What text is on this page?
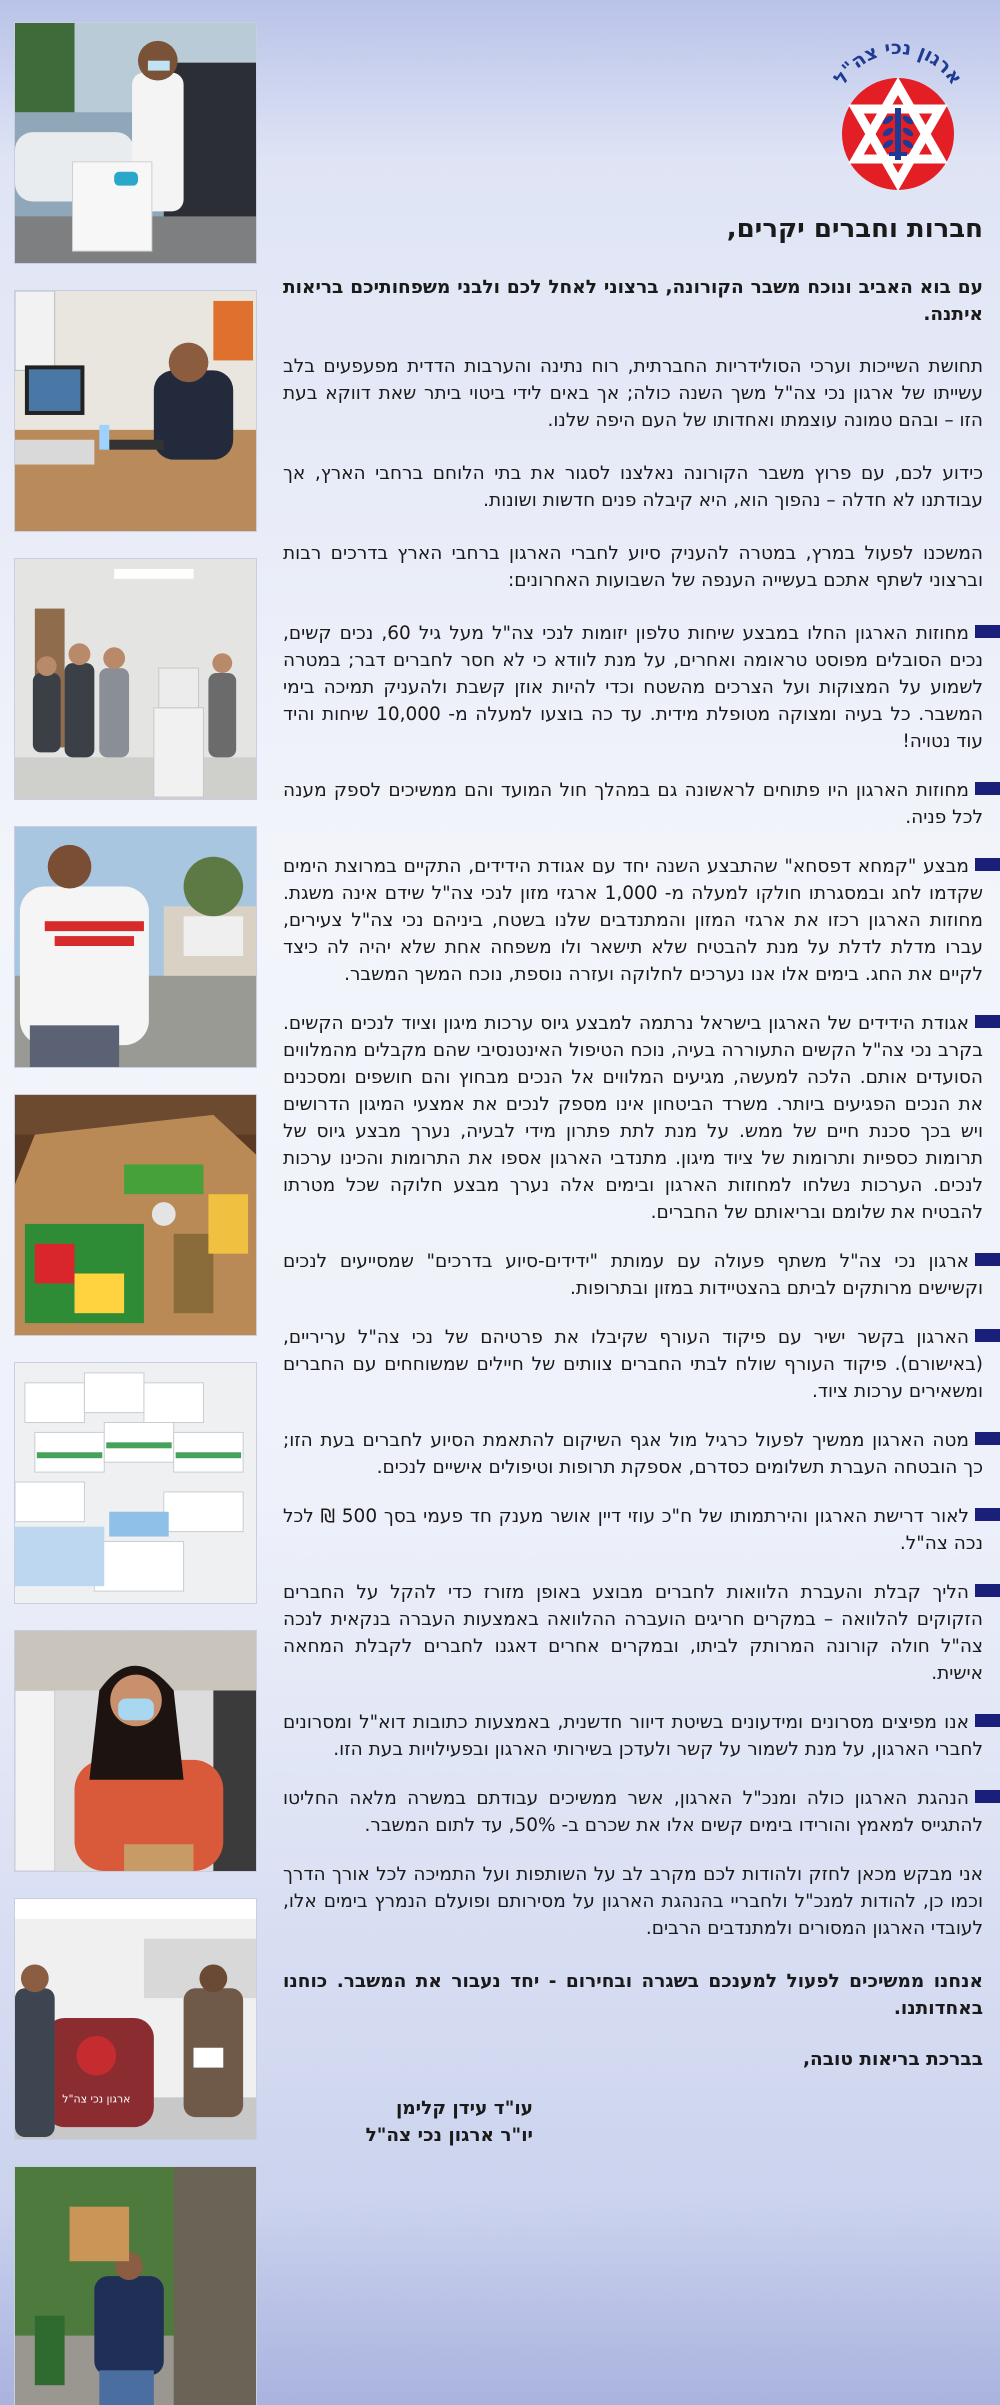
ארגון נכי צה"ל
ארגון נכי צה"ל
חברות וחברים יקרים,
עם בוא האביב ונוכח משבר הקורונה, ברצוני לאחל לכם ולבני משפחותיכם בריאות איתנה.
תחושת השייכות וערכי הסולידריות החברתית, רוח נתינה והערבות הדדית מפעפעים בלב עשייתו של ארגון נכי צה"ל משך השנה כולה; אך באים לידי ביטוי ביתר שאת דווקא בעת הזו – ובהם טמונה עוצמתו ואחדותו של העם היפה שלנו.
כידוע לכם, עם פרוץ משבר הקורונה נאלצנו לסגור את בתי הלוחם ברחבי הארץ, אך עבודתנו לא חדלה – נהפוך הוא, היא קיבלה פנים חדשות ושונות.
המשכנו לפעול במרץ, במטרה להעניק סיוע לחברי הארגון ברחבי הארץ בדרכים רבות וברצוני לשתף אתכם בעשייה הענפה של השבועות האחרונים:
מחוזות הארגון החלו במבצע שיחות טלפון יזומות לנכי צה"ל מעל גיל 60, נכים קשים, נכים הסובלים מפוסט טראומה ואחרים, על מנת לוודא כי לא חסר לחברים דבר; במטרה לשמוע על המצוקות ועל הצרכים מהשטח וכדי להיות אוזן קשבת ולהעניק תמיכה בימי המשבר. כל בעיה ומצוקה מטופלת מידית. עד כה בוצעו למעלה מ- 10,000 שיחות והיד עוד נטויה!
מחוזות הארגון היו פתוחים לראשונה גם במהלך חול המועד והם ממשיכים לספק מענה לכל פניה.
מבצע "קמחא דפסחא" שהתבצע השנה יחד עם אגודת הידידים, התקיים במרוצת הימים שקדמו לחג ובמסגרתו חולקו למעלה מ- 1,000 ארגזי מזון לנכי צה"ל שידם אינה משגת. מחוזות הארגון רכזו את ארגזי המזון והמתנדבים שלנו בשטח, ביניהם נכי צה"ל צעירים, עברו מדלת לדלת על מנת להבטיח שלא תישאר ולו משפחה אחת שלא יהיה לה כיצד לקיים את החג. בימים אלו אנו נערכים לחלוקה ועזרה נוספת, נוכח המשך המשבר.
אגודת הידידים של הארגון בישראל נרתמה למבצע גיוס ערכות מיגון וציוד לנכים הקשים. בקרב נכי צה"ל הקשים התעוררה בעיה, נוכח הטיפול האינטנסיבי שהם מקבלים מהמלווים הסועדים אותם. הלכה למעשה, מגיעים המלווים אל הנכים מבחוץ והם חושפים ומסכנים את הנכים הפגיעים ביותר. משרד הביטחון אינו מספק לנכים את אמצעי המיגון הדרושים ויש בכך סכנת חיים של ממש. על מנת לתת פתרון מידי לבעיה, נערך מבצע גיוס של תרומות כספיות ותרומות של ציוד מיגון. מתנדבי הארגון אספו את התרומות והכינו ערכות לנכים. הערכות נשלחו למחוזות הארגון ובימים אלה נערך מבצע חלוקה שכל מטרתו להבטיח את שלומם ובריאותם של החברים.
ארגון נכי צה"ל משתף פעולה עם עמותת "ידידים-סיוע בדרכים" שמסייעים לנכים וקשישים מרותקים לביתם בהצטיידות במזון ובתרופות.
הארגון בקשר ישיר עם פיקוד העורף שקיבלו את פרטיהם של נכי צה"ל עריריים, (באישורם). פיקוד העורף שולח לבתי החברים צוותים של חיילים שמשוחחים עם החברים ומשאירים ערכות ציוד.
מטה הארגון ממשיך לפעול כרגיל מול אגף השיקום להתאמת הסיוע לחברים בעת הזו; כך הובטחה העברת תשלומים כסדרם, אספקת תרופות וטיפולים אישיים לנכים.
לאור דרישת הארגון והירתמותו של ח"כ עוזי דיין אושר מענק חד פעמי בסך 500 ₪ לכל נכה צה"ל.
הליך קבלת והעברת הלוואות לחברים מבוצע באופן מזורז כדי להקל על החברים הזקוקים להלוואה – במקרים חריגים הועברה ההלוואה באמצעות העברה בנקאית לנכה צה"ל חולה קורונה המרותק לביתו, ובמקרים אחרים דאגנו לחברים לקבלת המחאה אישית.
אנו מפיצים מסרונים ומידעונים בשיטת דיוור חדשנית, באמצעות כתובות דוא"ל ומסרונים לחברי הארגון, על מנת לשמור על קשר ולעדכן בשירותי הארגון ובפעילויות בעת הזו.
הנהגת הארגון כולה ומנכ"ל הארגון, אשר ממשיכים עבודתם במשרה מלאה החליטו להתגייס למאמץ והורידו בימים קשים אלו את שכרם ב- 50%, עד לתום המשבר.
אני מבקש מכאן לחזק ולהודות לכם מקרב לב על השותפות ועל התמיכה לכל אורך הדרך וכמו כן, להודות למנכ"ל ולחבריי בהנהגת הארגון על מסירותם ופועלם הנמרץ בימים אלו, לעובדי הארגון המסורים ולמתנדבים הרבים.
אנחנו ממשיכים לפעול למענכם בשגרה ובחירום - יחד נעבור את המשבר. כוחנו באחדותנו.
בברכת בריאות טובה,
עו"ד עידן קלימן
יו"ר ארגון נכי צה"ל
